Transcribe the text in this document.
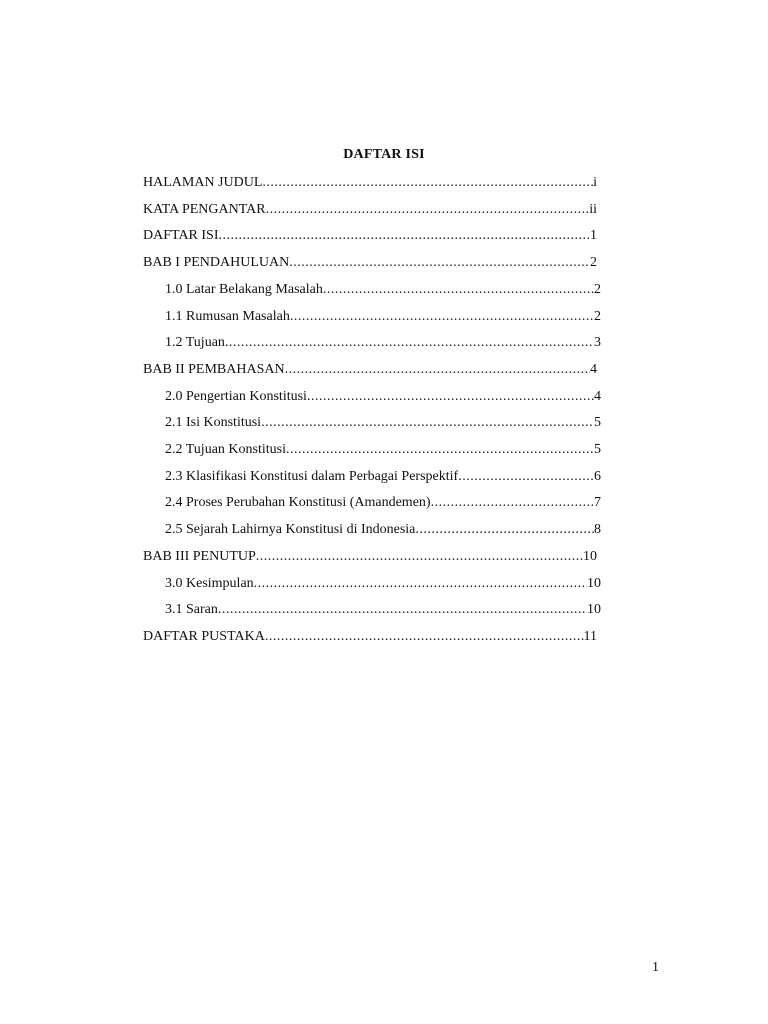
DAFTAR ISI
HALAMAN JUDUL .....	i
KATA PENGANTAR .....	ii
DAFTAR ISI .....	1
BAB I PENDAHULUAN .....	2
1.0 Latar Belakang Masalah .....	2
1.1 Rumusan Masalah .....	2
1.2 Tujuan .....	3
BAB II PEMBAHASAN .....	4
2.0 Pengertian Konstitusi .....	4
2.1 Isi Konstitusi .....	5
2.2 Tujuan Konstitusi .....	5
2.3 Klasifikasi Konstitusi dalam Perbagai Perspektif .....	6
2.4 Proses Perubahan Konstitusi (Amandemen) .....	7
2.5 Sejarah Lahirnya Konstitusi di Indonesia .....	8
BAB III PENUTUP .....	10
3.0 Kesimpulan .....	10
3.1 Saran .....	10
DAFTAR PUSTAKA .....	11
1
